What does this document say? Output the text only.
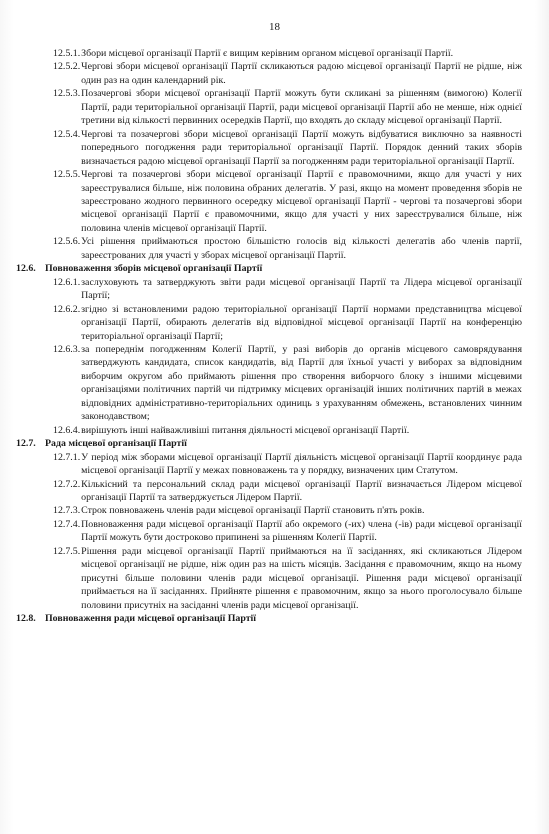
18
12.5.1. Збори місцевої організації Партії є вищим керівним органом місцевої організації Партії.
12.5.2. Чергові збори місцевої організації Партії скликаються радою місцевої організації Партії не рідше, ніж один раз на один календарний рік.
12.5.3. Позачергові збори місцевої організації Партії можуть бути скликані за рішенням (вимогою) Колегії Партії, ради територіальної організації Партії, ради місцевої організації Партії або не менше, ніж однієї третини від кількості первинних осередків Партії, що входять до складу місцевої організації Партії.
12.5.4. Чергові та позачергові збори місцевої організації Партії можуть відбуватися виключно за наявності попереднього погодження ради територіальної організації Партії. Порядок денний таких зборів визначається радою місцевої організації Партії за погодженням ради територіальної організації Партії.
12.5.5. Чергові та позачергові збори місцевої організації Партії є правомочними, якщо для участі у них зареєструвалися більше, ніж половина обраних делегатів. У разі, якщо на момент проведення зборів не зареєстровано жодного первинного осередку місцевої організації Партії - чергові та позачергові збори місцевої організації Партії є правомочними, якщо для участі у них зареєструвалися більше, ніж половина членів місцевої організації Партії.
12.5.6. Усі рішення приймаються простою більшістю голосів від кількості делегатів або членів партії, зареєстрованих для участі у зборах місцевої організації Партії.
12.6. Повноваження зборів місцевої організації Партії
12.6.1. заслуховують та затверджують звіти ради місцевої організації Партії та Лідера місцевої організації Партії;
12.6.2. згідно зі встановленими радою територіальної організації Партії нормами представництва місцевої організації Партії, обирають делегатів від відповідної місцевої організації Партії на конференцію територіальної організації Партії;
12.6.3. за попереднім погодженням Колегії Партії, у разі виборів до органів місцевого самоврядування затверджують кандидата, список кандидатів, від Партії для їхньої участі у виборах за відповідним виборчим округом або приймають рішення про створення виборчого блоку з іншими місцевими організаціями політичних партій чи підтримку місцевих організацій інших політичних партій в межах відповідних адміністративно-територіальних одиниць з урахуванням обмежень, встановлених чинним законодавством;
12.6.4. вирішують інші найважливіші питання діяльності місцевої організації Партії.
12.7. Рада місцевої організації Партії
12.7.1. У період між зборами місцевої організації Партії діяльність місцевої організації Партії координує рада місцевої організації Партії у межах повноважень та у порядку, визначених цим Статутом.
12.7.2. Кількісний та персональний склад ради місцевої організації Партії визначається Лідером місцевої організації Партії та затверджується Лідером Партії.
12.7.3. Строк повноважень членів ради місцевої організації Партії становить п'ять років.
12.7.4. Повноваження ради місцевої організації Партії або окремого (-их) члена (-ів) ради місцевої організації Партії можуть бути достроково припинені за рішенням Колегії Партії.
12.7.5. Рішення ради місцевої організації Партії приймаються на її засіданнях, які скликаються Лідером місцевої організації не рідше, ніж один раз на шість місяців. Засідання є правомочним, якщо на ньому присутні більше половини членів ради місцевої організації. Рішення ради місцевої організації приймається на її засіданнях. Прийняте рішення є правомочним, якщо за нього проголосувало більше половини присутніх на засіданні членів ради місцевої організації.
12.8. Повноваження ради місцевої організації Партії
